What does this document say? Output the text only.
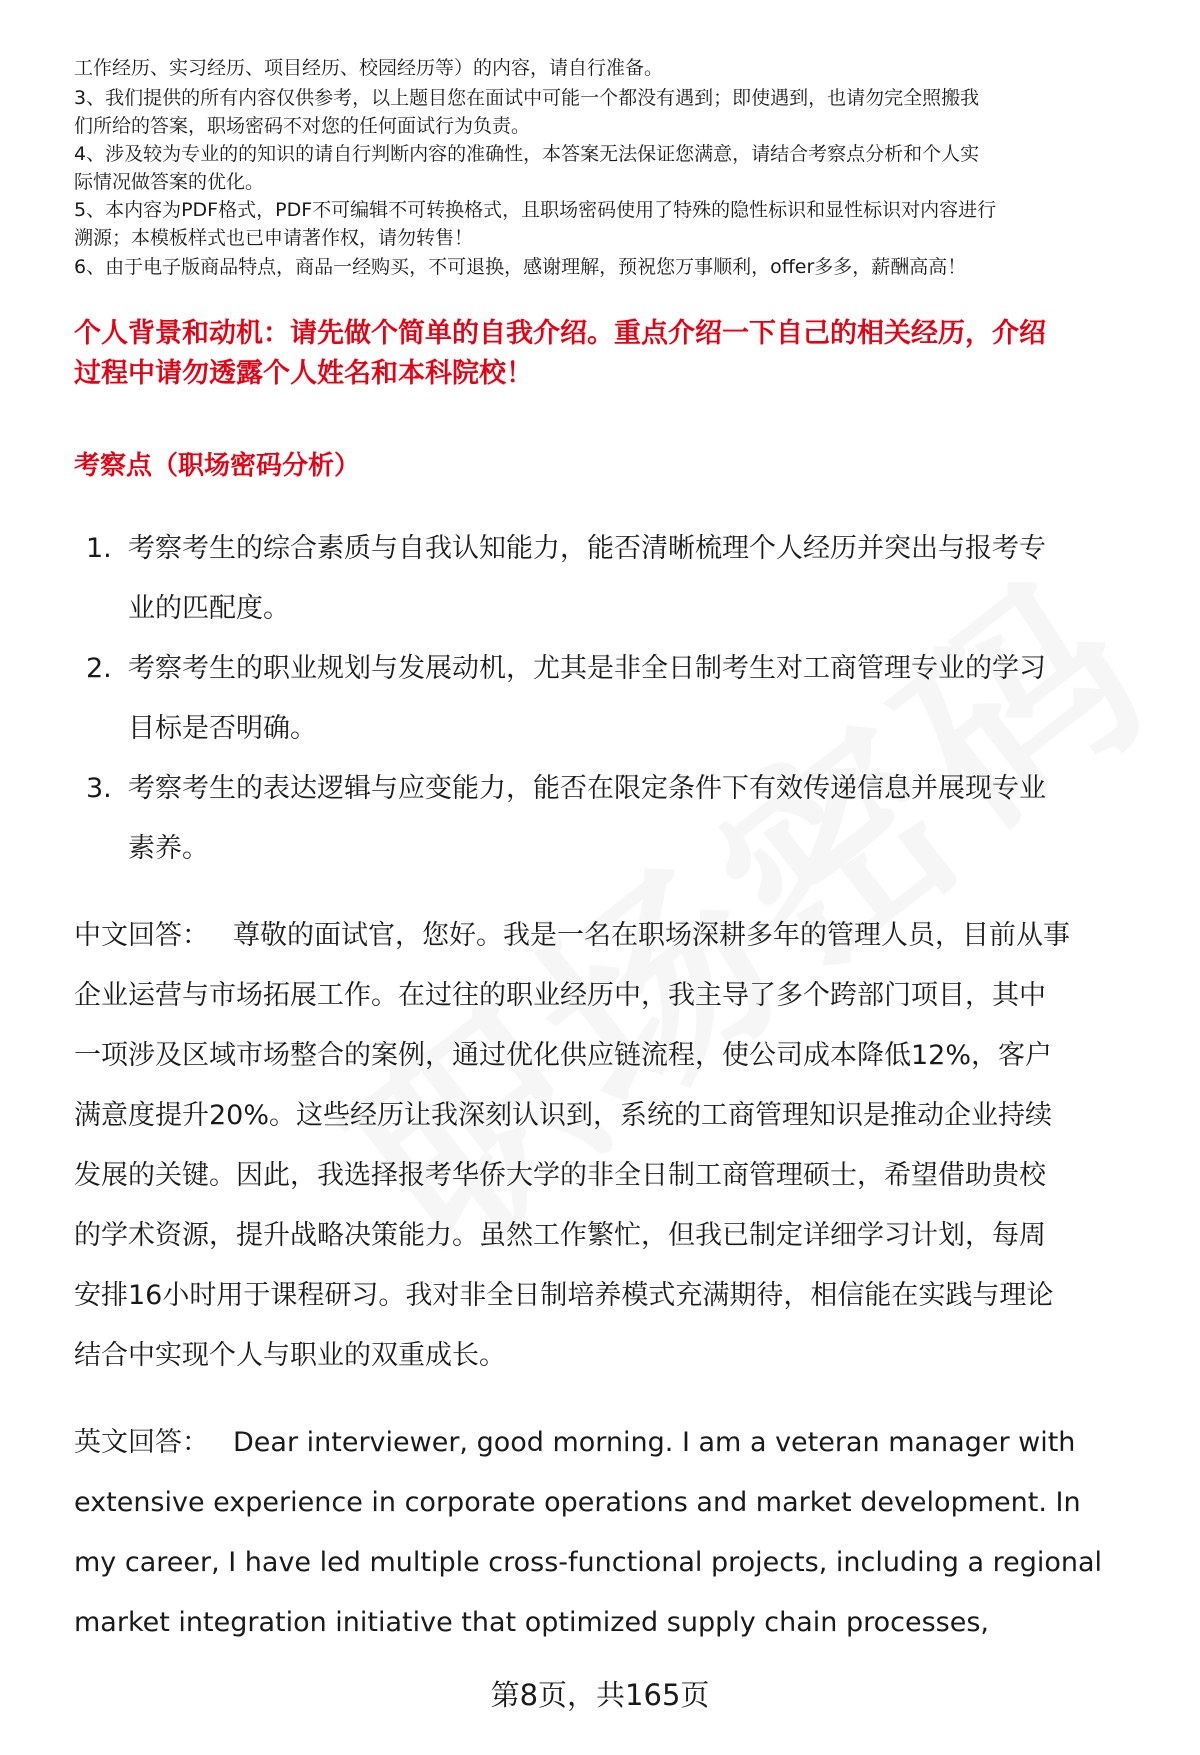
工作经历、实习经历、项目经历、校园经历等）的内容，请自行准备。
3、我们提供的所有内容仅供参考，以上题目您在面试中可能一个都没有遇到；即使遇到，也请勿完全照搬我
们所给的答案，职场密码不对您的任何面试行为负责。
4、涉及较为专业的的知识的请自行判断内容的准确性，本答案无法保证您满意，请结合考察点分析和个人实
际情况做答案的优化。
5、本内容为PDF格式，PDF不可编辑不可转换格式，且职场密码使用了特殊的隐性标识和显性标识对内容进行
溯源；本模板样式也已申请著作权，请勿转售！
6、由于电子版商品特点，商品一经购买，不可退换，感谢理解，预祝您万事顺利，offer多多，薪酬高高！
个人背景和动机：请先做个简单的自我介绍。重点介绍一下自己的相关经历，介绍
过程中请勿透露个人姓名和本科院校！
考察点（职场密码分析）
1. 考察考生的综合素质与自我认知能力，能否清晰梳理个人经历并突出与报考专
业的匹配度。
2. 考察考生的职业规划与发展动机，尤其是非全日制考生对工商管理专业的学习
目标是否明确。
3. 考察考生的表达逻辑与应变能力，能否在限定条件下有效传递信息并展现专业
素养。
中文回答： 尊敬的面试官，您好。我是一名在职场深耕多年的管理人员，目前从事
企业运营与市场拓展工作。在过往的职业经历中，我主导了多个跨部门项目，其中
一项涉及区域市场整合的案例，通过优化供应链流程，使公司成本降低12%，客户
满意度提升20%。这些经历让我深刻认识到，系统的工商管理知识是推动企业持续
发展的关键。因此，我选择报考华侨大学的非全日制工商管理硕士，希望借助贵校
的学术资源，提升战略决策能力。虽然工作繁忙，但我已制定详细学习计划，每周
安排16小时用于课程研习。我对非全日制培养模式充满期待，相信能在实践与理论
结合中实现个人与职业的双重成长。
英文回答： Dear interviewer, good morning. I am a veteran manager with
extensive experience in corporate operations and market development. In
my career, I have led multiple cross-functional projects, including a regional
market integration initiative that optimized supply chain processes,
第8页，共165页
